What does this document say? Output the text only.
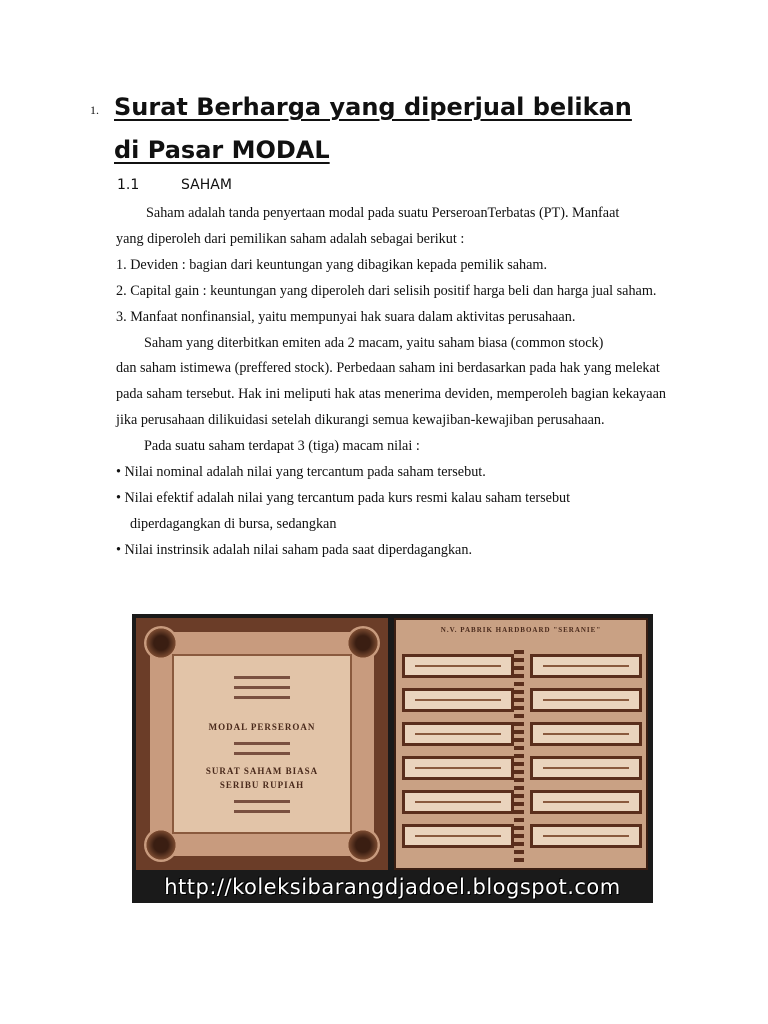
1. Surat Berharga yang diperjual belikan
di Pasar MODAL
1.1	SAHAM

Saham adalah tanda penyertaan modal pada suatu PerseroanTerbatas (PT). Manfaat

yang diperoleh dari pemilikan saham adalah sebagai berikut :

1. Deviden : bagian dari keuntungan yang dibagikan kepada pemilik saham.

2. Capital gain : keuntungan yang diperoleh dari selisih positif harga beli dan harga jual saham.

3. Manfaat nonfinansial, yaitu mempunyai hak suara dalam aktivitas perusahaan.

Saham yang diterbitkan emiten ada 2 macam, yaitu saham biasa (common stock)

dan saham istimewa (preffered stock). Perbedaan saham ini berdasarkan pada hak yang melekat pada saham tersebut. Hak ini meliputi hak atas menerima deviden, memperoleh bagian kekayaan jika perusahaan dilikuidasi setelah dikurangi semua kewajiban-kewajiban perusahaan.

Pada suatu saham terdapat 3 (tiga) macam nilai :

• Nilai nominal adalah nilai yang tercantum pada saham tersebut.

• Nilai efektif adalah nilai yang tercantum pada kurs resmi kalau saham tersebut

diperdagangkan di bursa, sedangkan

• Nilai instrinsik adalah nilai saham pada saat diperdagangkan.

MODAL PERSEROAN
SURAT SAHAM BIASA
SERIBU RUPIAH
N.V. PABRIK HARDBOARD "SERANIE"
http://koleksibarangdjadoel.blogspot.com
